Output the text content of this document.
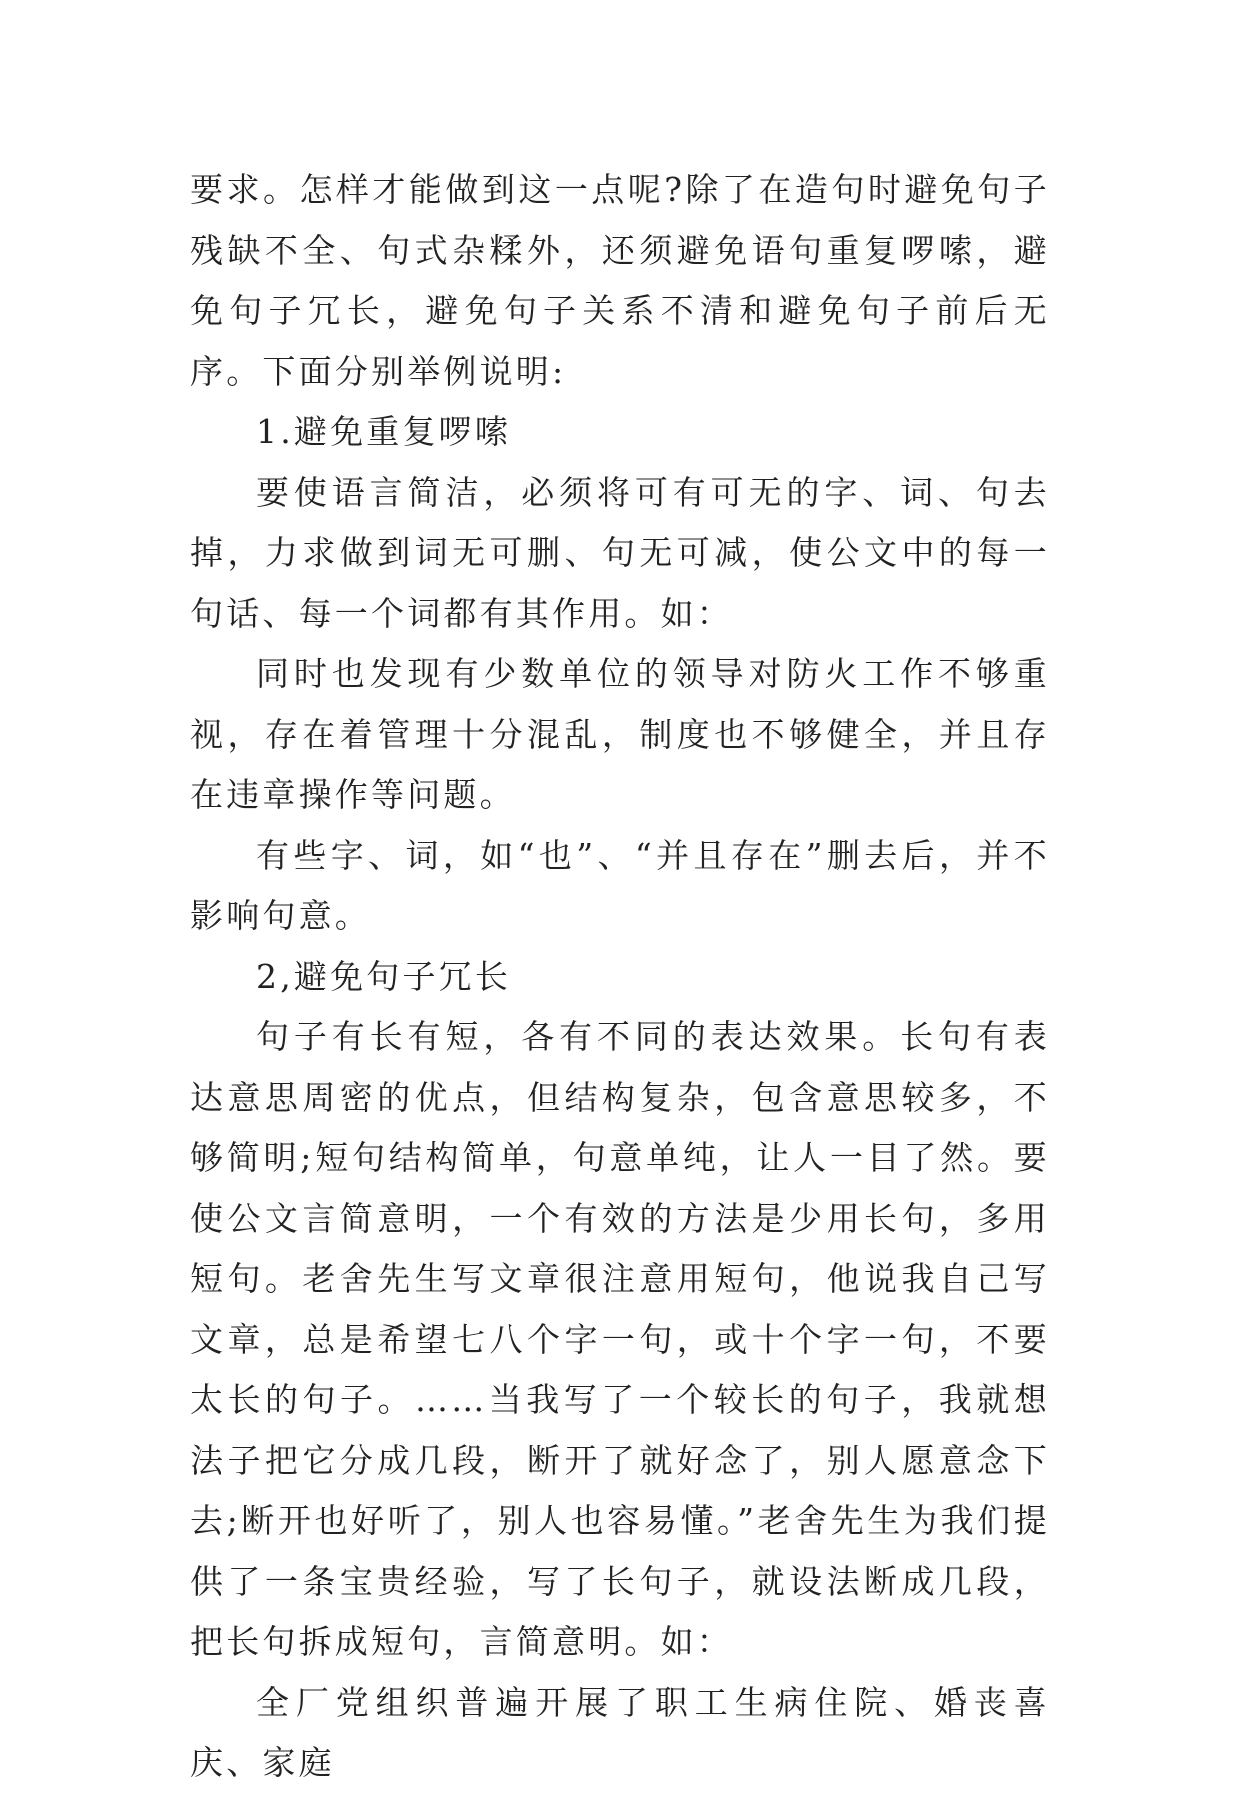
要求。怎样才能做到这一点呢?除了在造句时避免句子残缺不全、句式杂糅外，还须避免语句重复啰嗦，避免句子冗长，避免句子关系不清和避免句子前后无序。下面分别举例说明:

1.避免重复啰嗦

要使语言简洁，必须将可有可无的字、词、句去掉，力求做到词无可删、句无可减，使公文中的每一句话、每一个词都有其作用。如：

同时也发现有少数单位的领导对防火工作不够重视，存在着管理十分混乱，制度也不够健全，并且存在违章操作等问题。

有些字、词，如“也”、“并且存在”删去后，并不影响句意。

2,避免句子冗长

句子有长有短，各有不同的表达效果。长句有表达意思周密的优点，但结构复杂，包含意思较多，不够简明;短句结构简单，句意单纯，让人一目了然。要使公文言简意明，一个有效的方法是少用长句，多用短句。老舍先生写文章很注意用短句，他说我自己写文章，总是希望七八个字一句，或十个字一句，不要太长的句子。……当我写了一个较长的句子，我就想法子把它分成几段，断开了就好念了，别人愿意念下去;断开也好听了，别人也容易懂。”老舍先生为我们提供了一条宝贵经验，写了长句子，就设法断成几段，把长句拆成短句，言简意明。如：

全厂党组织普遍开展了职工生病住院、婚丧喜庆、家庭
